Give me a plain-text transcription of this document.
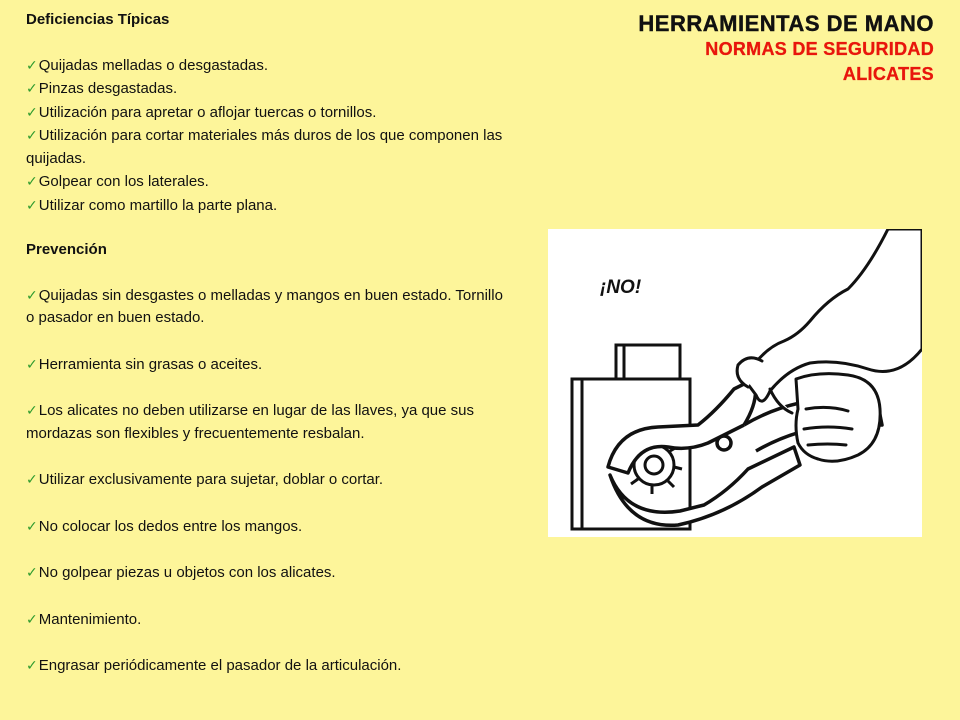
HERRAMIENTAS DE MANO
NORMAS DE SEGURIDAD
ALICATES
Deficiencias Típicas
✓Quijadas melladas o desgastadas.
✓Pinzas desgastadas.
✓Utilización para apretar o aflojar tuercas o tornillos.
✓Utilización para cortar materiales más duros de los que componen las quijadas.
✓Golpear con los laterales.
✓Utilizar como martillo la parte plana.
Prevención
✓Quijadas sin desgastes o melladas y mangos en buen estado. Tornillo o pasador en buen estado.
✓Herramienta sin grasas o aceites.
✓Los alicates no deben utilizarse en lugar de las llaves, ya que sus mordazas son flexibles y frecuentemente resbalan.
✓Utilizar exclusivamente para sujetar, doblar o cortar.
✓No colocar los dedos entre los mangos.
✓No golpear piezas u objetos con los alicates.
✓Mantenimiento.
✓Engrasar periódicamente el pasador de la articulación.
¡NO!
